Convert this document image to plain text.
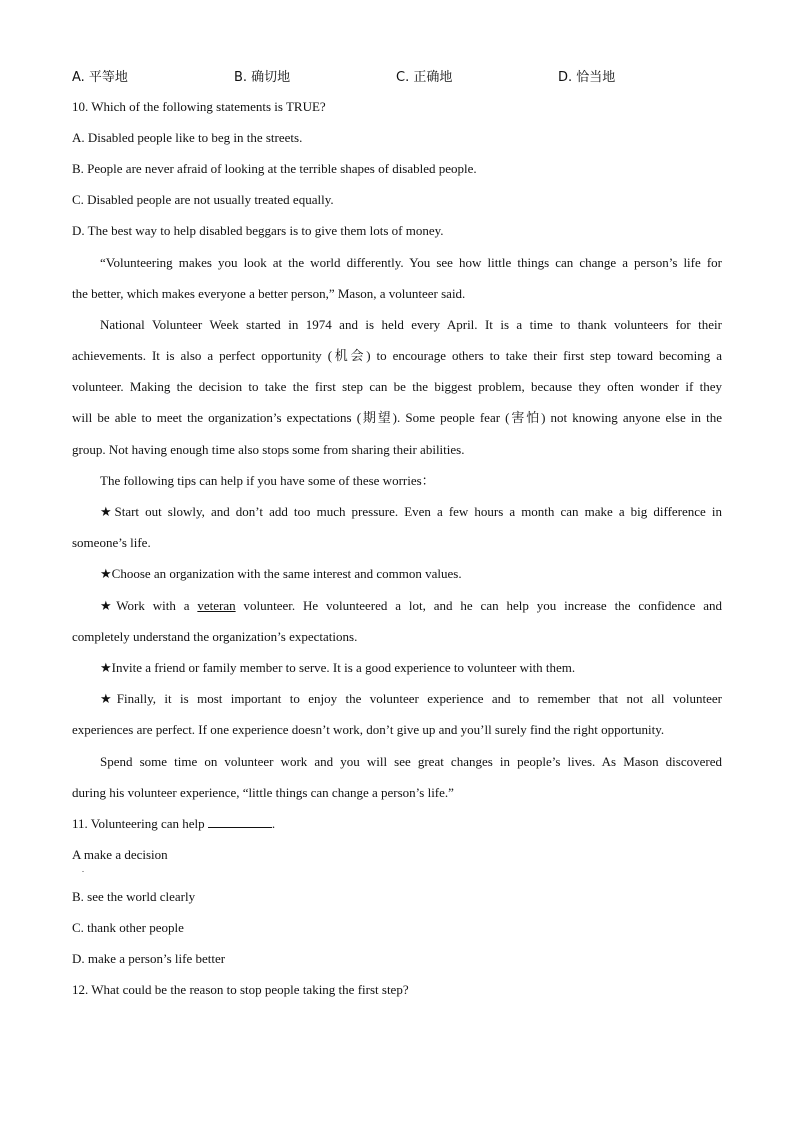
A. 平等地	B. 确切地	C. 正确地	D. 恰当地
10. Which of the following statements is TRUE?
A. Disabled people like to beg in the streets.
B. People are never afraid of looking at the terrible shapes of disabled people.
C. Disabled people are not usually treated equally.
D. The best way to help disabled beggars is to give them lots of money.
“Volunteering makes you look at the world differently. You see how little things can change a person’s life for
the better, which makes everyone a better person,” Mason, a volunteer said.
National Volunteer Week started in 1974 and is held every April. It is a time to thank volunteers for their
achievements. It is also a perfect opportunity (机会) to encourage others to take their first step toward becoming a
volunteer. Making the decision to take the first step can be the biggest problem, because they often wonder if they
will be able to meet the organization’s expectations (期望). Some people fear (害怕) not knowing anyone else in the
group. Not having enough time also stops some from sharing their abilities.
The following tips can help if you have some of these worries：
★Start out slowly, and don’t add too much pressure. Even a few hours a month can make a big difference in
someone’s life.
★Choose an organization with the same interest and common values.
★Work with a veteran volunteer. He volunteered a lot, and he can help you increase the confidence and
completely understand the organization’s expectations.
★Invite a friend or family member to serve. It is a good experience to volunteer with them.
★Finally, it is most important to enjoy the volunteer experience and to remember that not all volunteer
experiences are perfect. If one experience doesn’t work, don’t give up and you’ll surely find the right opportunity.
Spend some time on volunteer work and you will see great changes in people’s lives. As Mason discovered
during his volunteer experience, “little things can change a person’s life.”
11. Volunteering can help	.
A make a decision
.
B. see the world clearly
C. thank other people
D. make a person’s life better
12. What could be the reason to stop people taking the first step?
